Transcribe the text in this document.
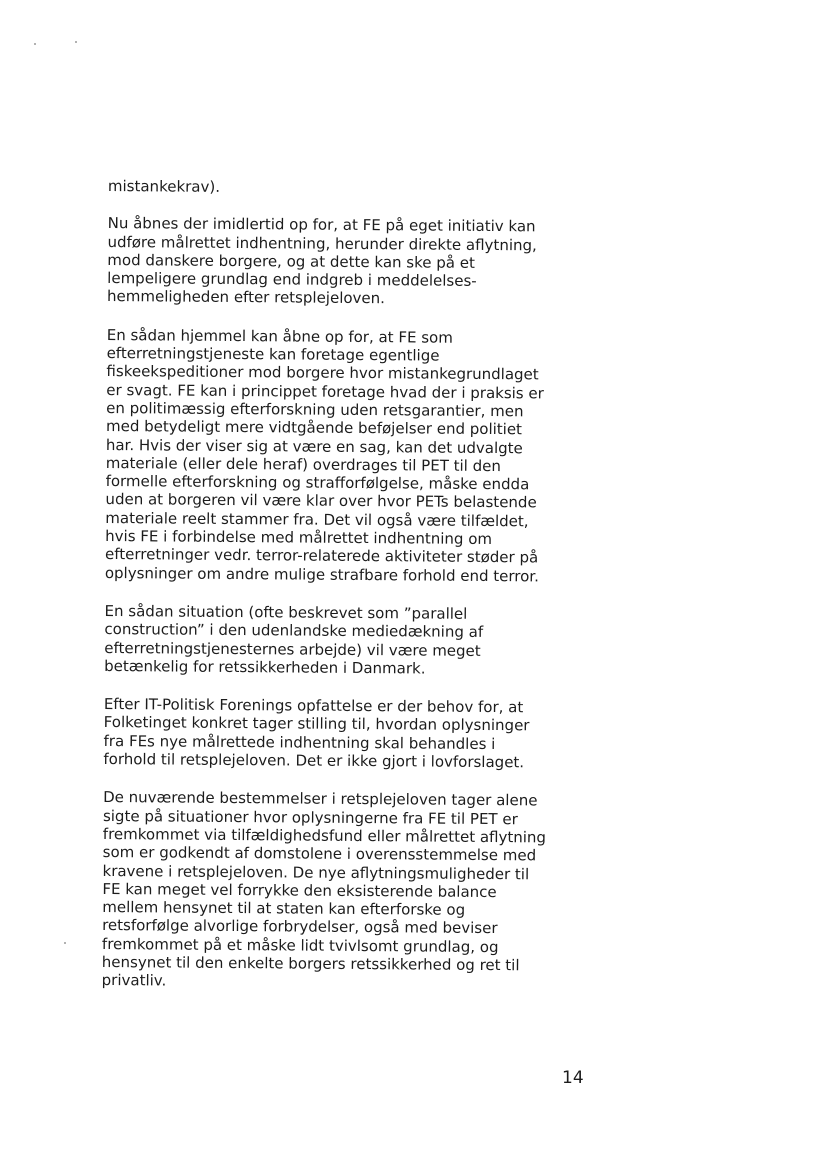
mistankekrav).

Nu åbnes der imidlertid op for, at FE på eget initiativ kan
udføre målrettet indhentning, herunder direkte aflytning,
mod danskere borgere, og at dette kan ske på et
lempeligere grundlag end indgreb i meddelelses-
hemmeligheden efter retsplejeloven.

En sådan hjemmel kan åbne op for, at FE som
efterretningstjeneste kan foretage egentlige
fiskeekspeditioner mod borgere hvor mistankegrundlaget
er svagt. FE kan i princippet foretage hvad der i praksis er
en politimæssig efterforskning uden retsgarantier, men
med betydeligt mere vidtgående beføjelser end politiet
har. Hvis der viser sig at være en sag, kan det udvalgte
materiale (eller dele heraf) overdrages til PET til den
formelle efterforskning og strafforfølgelse, måske endda
uden at borgeren vil være klar over hvor PETs belastende
materiale reelt stammer fra. Det vil også være tilfældet,
hvis FE i forbindelse med målrettet indhentning om
efterretninger vedr. terror-relaterede aktiviteter støder på
oplysninger om andre mulige strafbare forhold end terror.

En sådan situation (ofte beskrevet som ”parallel
construction” i den udenlandske mediedækning af
efterretningstjenesternes arbejde) vil være meget
betænkelig for retssikkerheden i Danmark.

Efter IT-Politisk Forenings opfattelse er der behov for, at
Folketinget konkret tager stilling til, hvordan oplysninger
fra FEs nye målrettede indhentning skal behandles i
forhold til retsplejeloven. Det er ikke gjort i lovforslaget.

De nuværende bestemmelser i retsplejeloven tager alene
sigte på situationer hvor oplysningerne fra FE til PET er
fremkommet via tilfældighedsfund eller målrettet aflytning
som er godkendt af domstolene i overensstemmelse med
kravene i retsplejeloven. De nye aflytningsmuligheder til
FE kan meget vel forrykke den eksisterende balance
mellem hensynet til at staten kan efterforske og
retsforfølge alvorlige forbrydelser, også med beviser
fremkommet på et måske lidt tvivlsomt grundlag, og
hensynet til den enkelte borgers retssikkerhed og ret til
privatliv.

14
